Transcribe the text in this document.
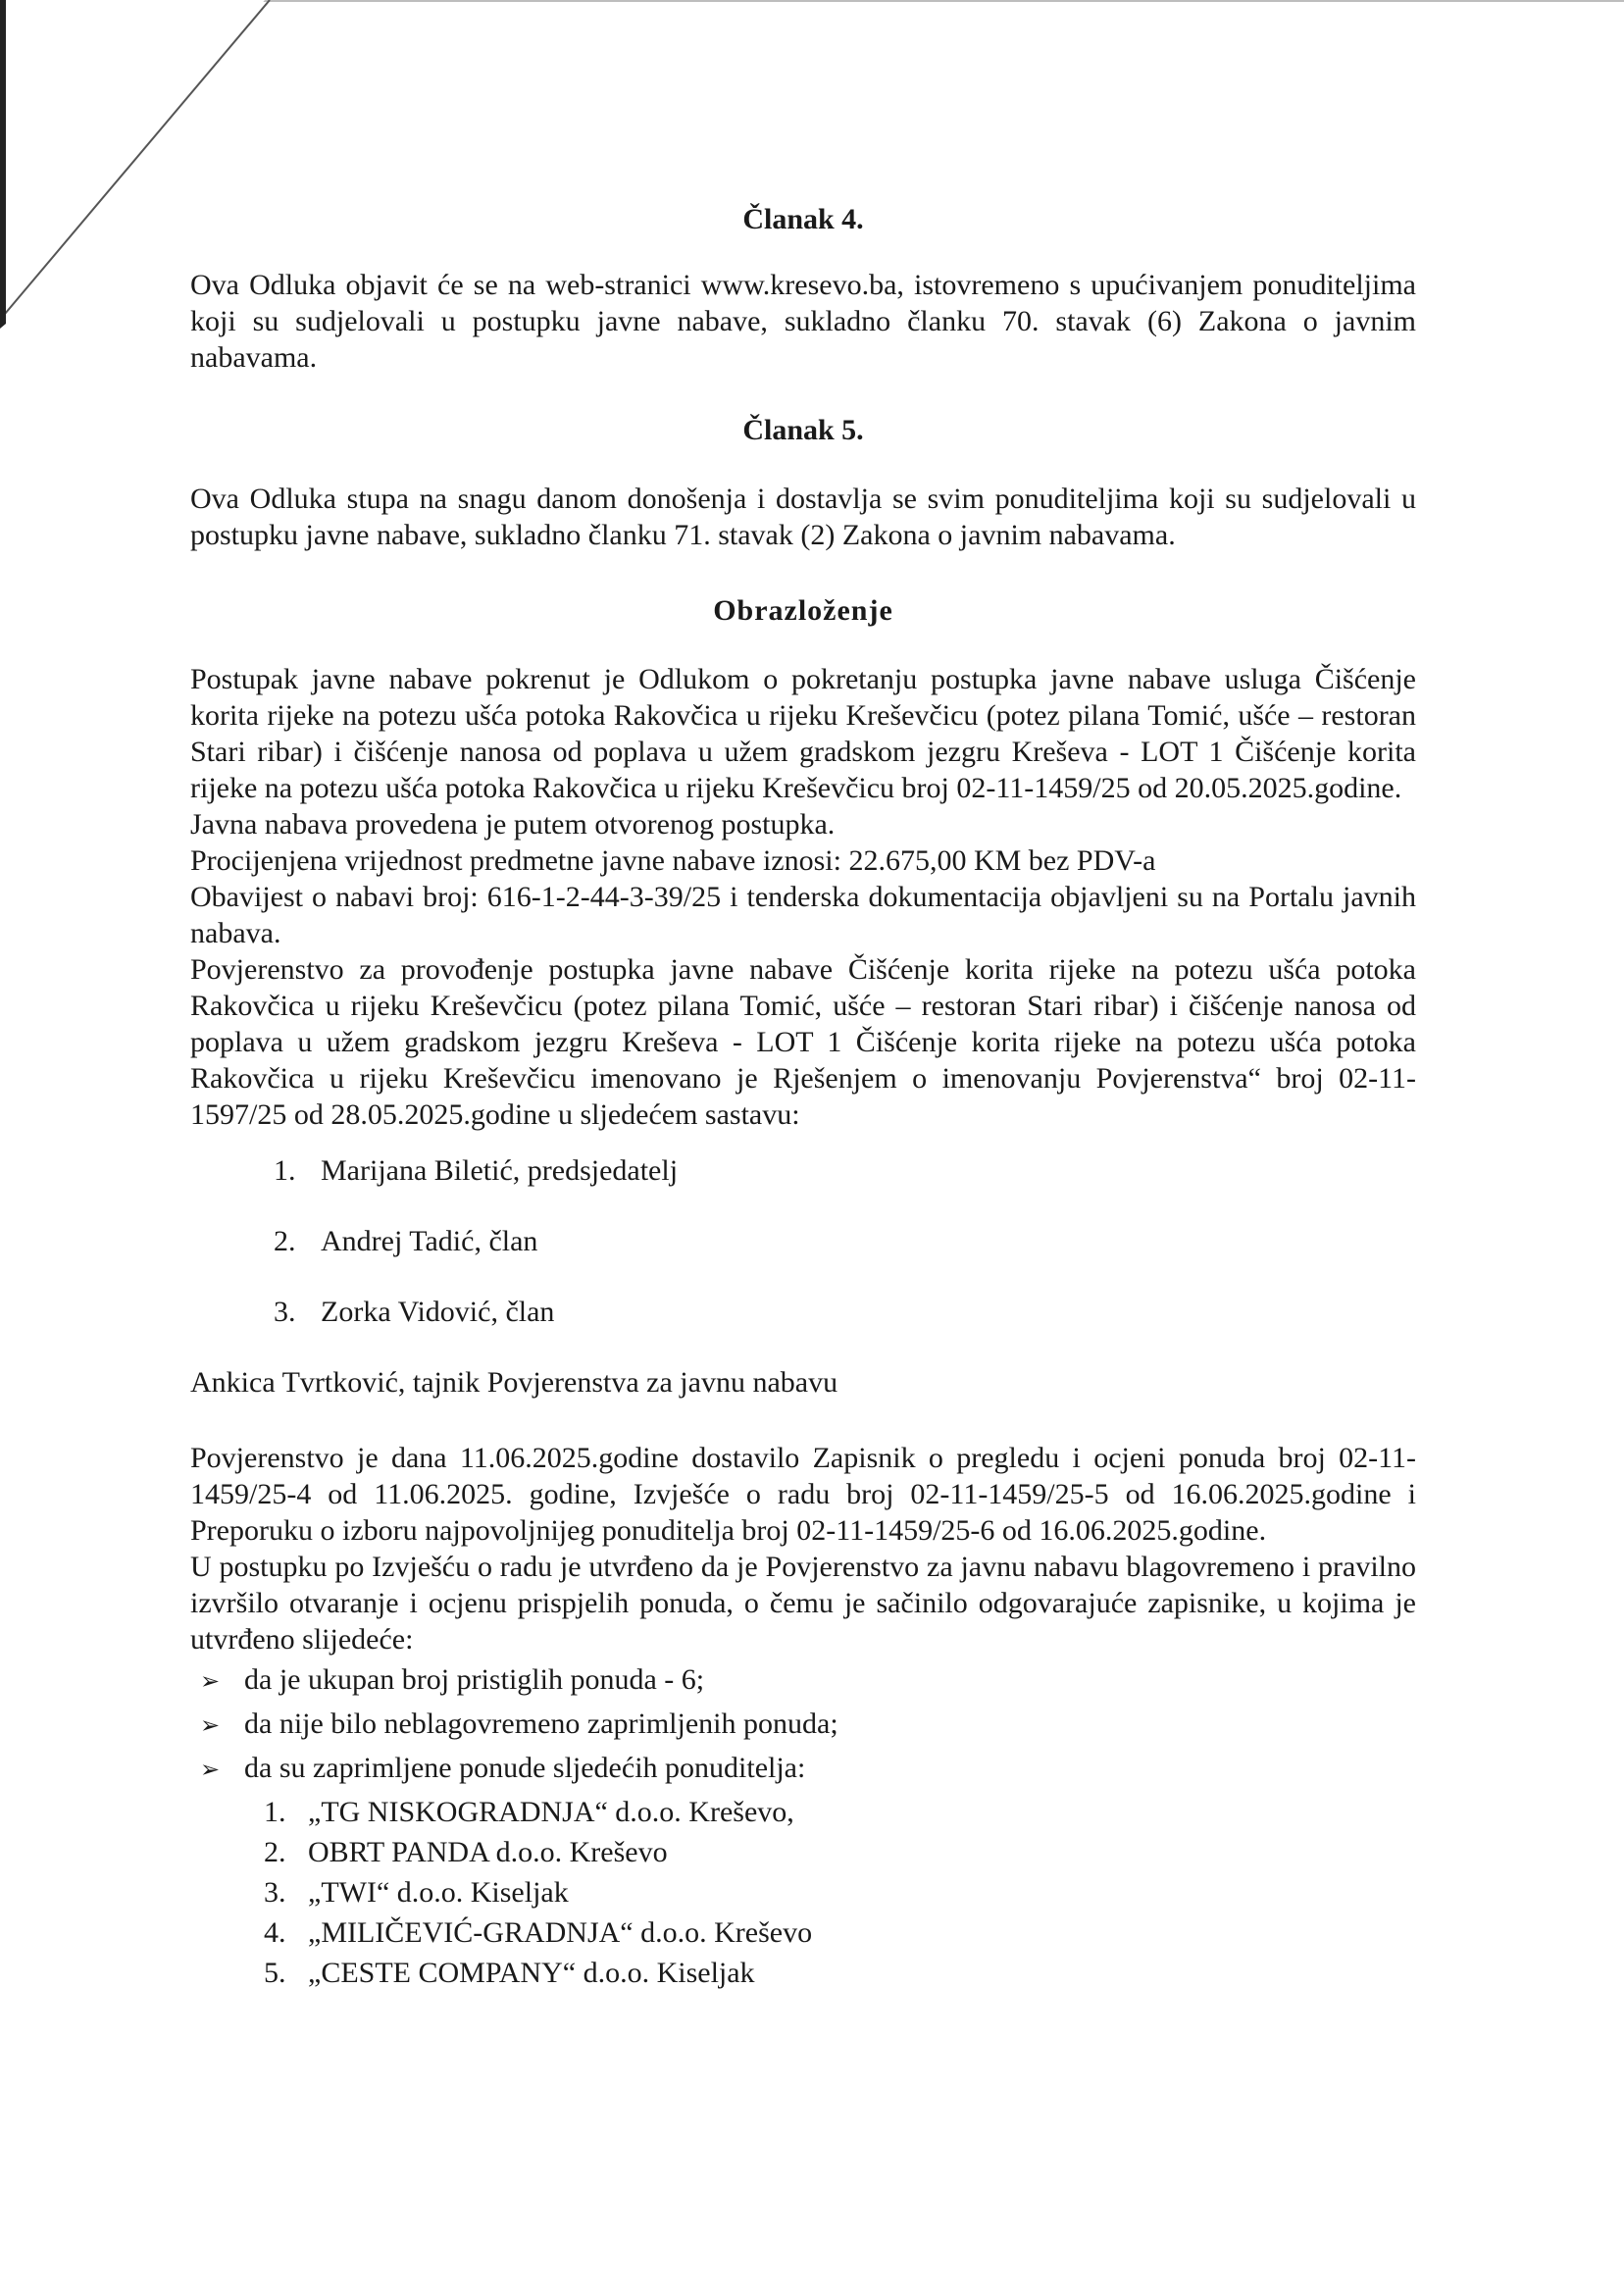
Članak 4.

Ova Odluka objavit će se na web-stranici www.kresevo.ba, istovremeno s upućivanjem ponuditeljima koji su sudjelovali u postupku javne nabave, sukladno članku 70. stavak (6) Zakona o javnim nabavama.

Članak 5.

Ova Odluka stupa na snagu danom donošenja i dostavlja se svim ponuditeljima koji su sudjelovali u postupku javne nabave, sukladno članku 71. stavak (2) Zakona o javnim nabavama.

Obrazloženje

Postupak javne nabave pokrenut je Odlukom o pokretanju postupka javne nabave usluga Čišćenje korita rijeke na potezu ušća potoka Rakovčica u rijeku Kreševčicu (potez pilana Tomić, ušće – restoran Stari ribar) i čišćenje nanosa od poplava u užem gradskom jezgru Kreševa - LOT 1 Čišćenje korita rijeke na potezu ušća potoka Rakovčica u rijeku Kreševčicu broj 02-11-1459/25 od 20.05.2025.godine.

Javna nabava provedena je putem otvorenog postupka.

Procijenjena vrijednost predmetne javne nabave iznosi: 22.675,00 KM bez PDV-a

Obavijest o nabavi broj: 616-1-2-44-3-39/25 i tenderska dokumentacija objavljeni su na Portalu javnih nabava.

Povjerenstvo za provođenje postupka javne nabave Čišćenje korita rijeke na potezu ušća potoka Rakovčica u rijeku Kreševčicu (potez pilana Tomić, ušće – restoran Stari ribar) i čišćenje nanosa od poplava u užem gradskom jezgru Kreševa - LOT 1 Čišćenje korita rijeke na potezu ušća potoka Rakovčica u rijeku Kreševčicu imenovano je Rješenjem o imenovanju Povjerenstva“ broj 02-11-1597/25 od 28.05.2025.godine u sljedećem sastavu:

1. Marijana Biletić, predsjedatelj
2. Andrej Tadić, član
3. Zorka Vidović, član

Ankica Tvrtković, tajnik Povjerenstva za javnu nabavu

Povjerenstvo je dana 11.06.2025.godine dostavilo Zapisnik o pregledu i ocjeni ponuda broj 02-11-1459/25-4 od 11.06.2025. godine, Izvješće o radu broj 02-11-1459/25-5 od 16.06.2025.godine i Preporuku o izboru najpovoljnijeg ponuditelja broj 02-11-1459/25-6 od 16.06.2025.godine.

U postupku po Izvješću o radu je utvrđeno da je Povjerenstvo za javnu nabavu blagovremeno i pravilno izvršilo otvaranje i ocjenu prispjelih ponuda, o čemu je sačinilo odgovarajuće zapisnike, u kojima je utvrđeno slijedeće:

➢ da je ukupan broj pristiglih ponuda - 6;
➢ da nije bilo neblagovremeno zaprimljenih ponuda;
➢ da su zaprimljene ponude sljedećih ponuditelja:
1. „TG NISKOGRADNJA“ d.o.o. Kreševo,
2. OBRT PANDA d.o.o. Kreševo
3. „TWI“ d.o.o. Kiseljak
4. „MILIČEVIĆ-GRADNJA“ d.o.o. Kreševo
5. „CESTE COMPANY“ d.o.o. Kiseljak
